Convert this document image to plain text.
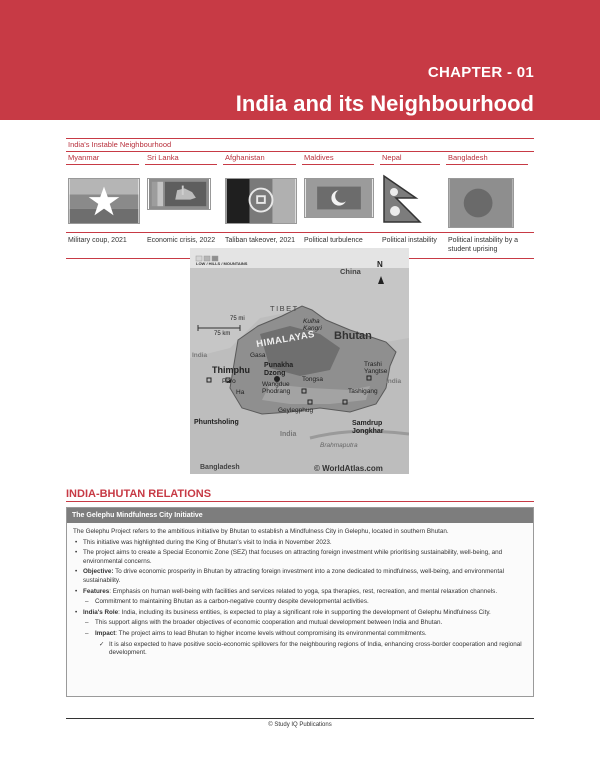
CHAPTER - 01
India and its Neighbourhood
India's Instable Neighbourhood
Myanmar
Military coup, 2021
Sri Lanka
Economic crisis, 2022
Afghanistan
Taliban takeover, 2021
Maldives
Political turbulence
Nepal
Political instability
Bangladesh
Political instability by a student uprising
LOW / HILLS / MOUNTAINS	N
China
TIBET
75 mi
75 km
Kulha Kangri
Bhutan
India
HIMALAYAS
Gasa
Punakha Dzong
Trashi Yangtse
India
Thimphu
Paro	Tongsa
Wangdue Phodrang
Ha	Tashigang
Geylegphug
Phuntsholing	Samdrup Jongkhar
India
Brahmaputra
Bangladesh	© WorldAtlas.com
INDIA-BHUTAN RELATIONS
The Gelephu Mindfulness City Initiative

The Gelephu Project refers to the ambitious initiative by Bhutan to establish a Mindfulness City in Gelephu, located in southern Bhutan.

• This initiative was highlighted during the King of Bhutan's visit to India in November 2023.
• The project aims to create a Special Economic Zone (SEZ) that focuses on attracting foreign investment while prioritising sustainability, well-being, and environmental concerns.
• Objective: To drive economic prosperity in Bhutan by attracting foreign investment into a zone dedicated to mindfulness, well-being, and environmental sustainability.
• Features: Emphasis on human well-being with facilities and services related to yoga, spa therapies, rest, recreation, and mental relaxation channels.
– Commitment to maintaining Bhutan as a carbon-negative country despite developmental activities.
• India's Role: India, including its business entities, is expected to play a significant role in supporting the development of Gelephu Mindfulness City.
– This support aligns with the broader objectives of economic cooperation and mutual development between India and Bhutan.
– Impact: The project aims to lead Bhutan to higher income levels without compromising its environmental commitments.
✓ It is also expected to have positive socio-economic spillovers for the neighbouring regions of India, enhancing cross-border cooperation and regional development.
© Study IQ Publications
